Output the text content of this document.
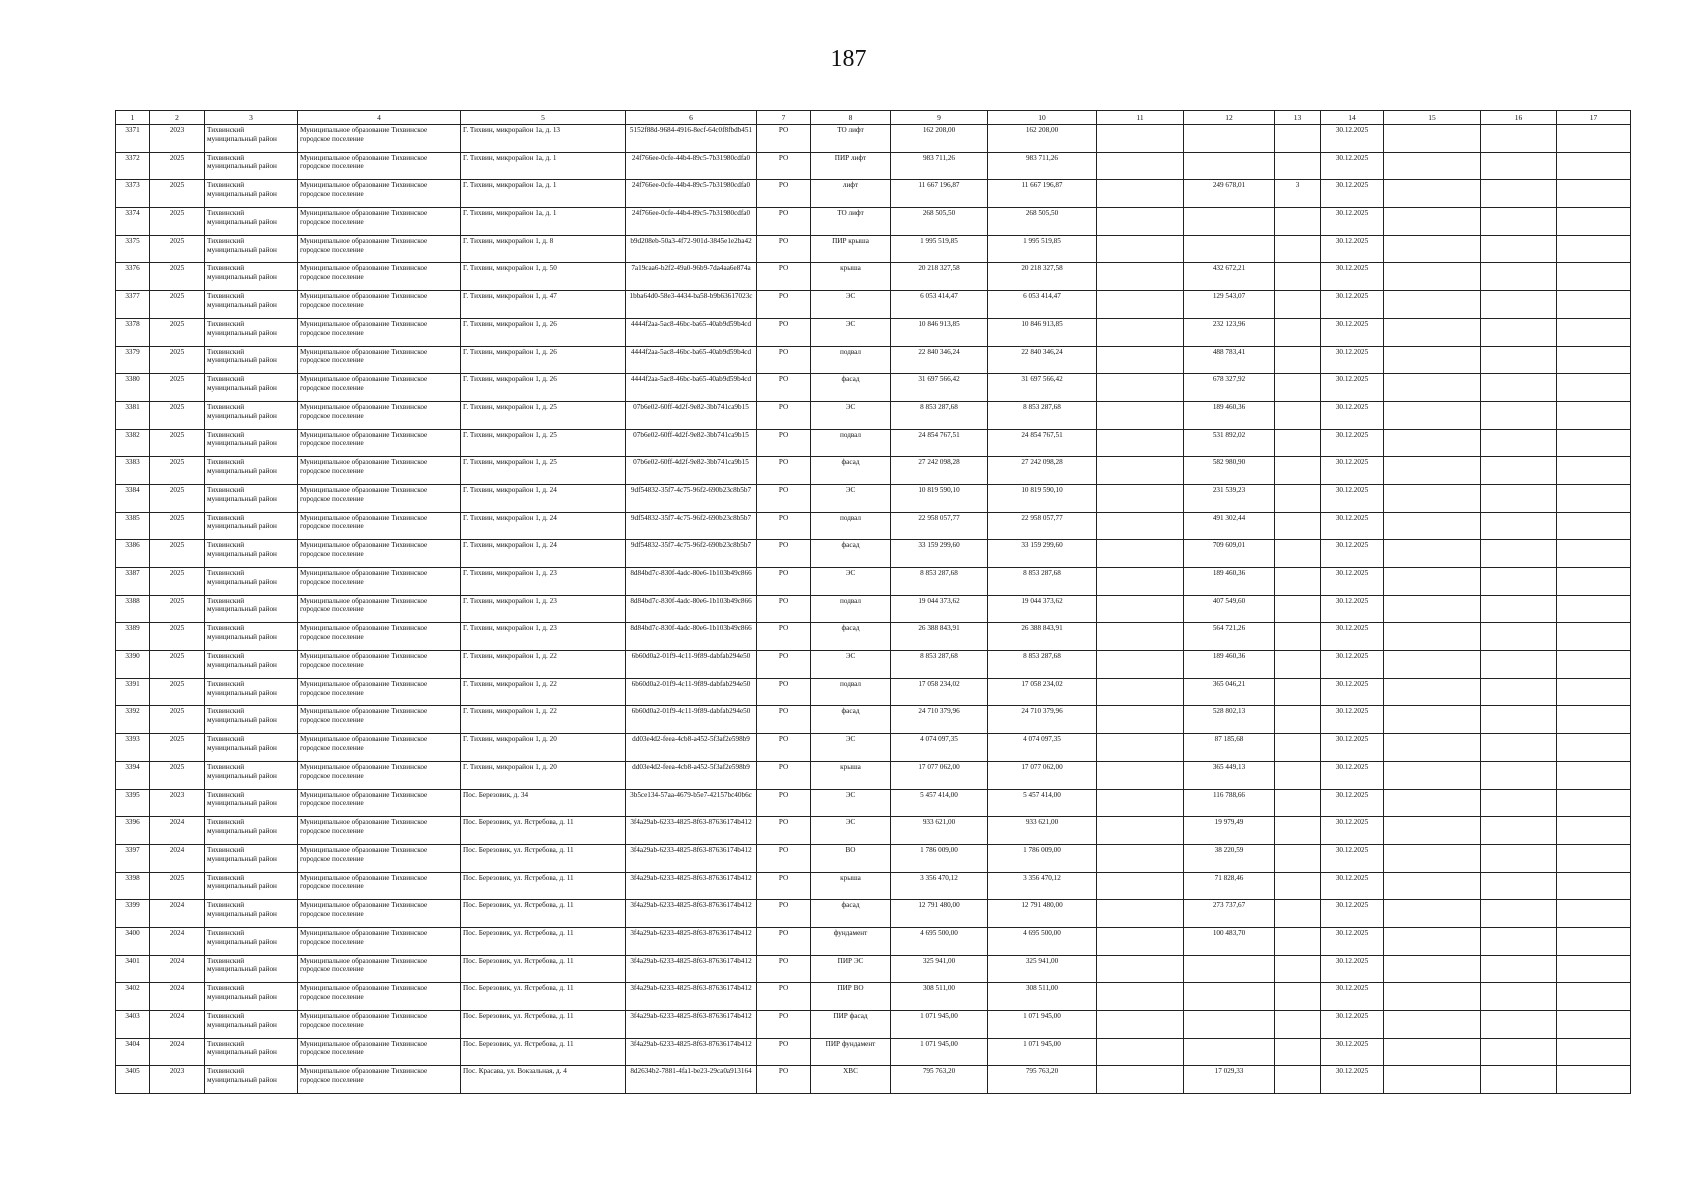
187
1	2	3	4	5	6	7	8	9	10	11	12	13	14	15	16	17
3371	2023	Тихвинский муниципальный район	Муниципальное образование Тихвинское городское поселение	Г. Тихвин, микрорайон 1а, д. 13	5152f88d-9684-4916-8ecf-64c0f8fbdb451	РО	ТО лифт	162 208,00	162 208,00				30.12.2025			
3372	2025	Тихвинский муниципальный район	Муниципальное образование Тихвинское городское поселение	Г. Тихвин, микрорайон 1а, д. 1	24f766ee-0cfe-44b4-89c5-7b31980cdfa0	РО	ПИР лифт	983 711,26	983 711,26				30.12.2025			
3373	2025	Тихвинский муниципальный район	Муниципальное образование Тихвинское городское поселение	Г. Тихвин, микрорайон 1а, д. 1	24f766ee-0cfe-44b4-89c5-7b31980cdfa0	РО	лифт	11 667 196,87	11 667 196,87		249 678,01	3	30.12.2025			
3374	2025	Тихвинский муниципальный район	Муниципальное образование Тихвинское городское поселение	Г. Тихвин, микрорайон 1а, д. 1	24f766ee-0cfe-44b4-89c5-7b31980cdfa0	РО	ТО лифт	268 505,50	268 505,50				30.12.2025			
3375	2025	Тихвинский муниципальный район	Муниципальное образование Тихвинское городское поселение	Г. Тихвин, микрорайон 1, д. 8	b9d208eb-50a3-4f72-901d-3845e1e2ba42	РО	ПИР крыша	1 995 519,85	1 995 519,85				30.12.2025			
3376	2025	Тихвинский муниципальный район	Муниципальное образование Тихвинское городское поселение	Г. Тихвин, микрорайон 1, д. 50	7a19caa6-b2f2-49a0-96b9-7da4aa6e874a	РО	крыша	20 218 327,58	20 218 327,58		432 672,21		30.12.2025			
3377	2025	Тихвинский муниципальный район	Муниципальное образование Тихвинское городское поселение	Г. Тихвин, микрорайон 1, д. 47	1bba64d0-58e3-4434-ba58-b9b63617023c	РО	ЭС	6 053 414,47	6 053 414,47		129 543,07		30.12.2025			
3378	2025	Тихвинский муниципальный район	Муниципальное образование Тихвинское городское поселение	Г. Тихвин, микрорайон 1, д. 26	4444f2aa-5ac8-46bc-ba65-40ab9d59b4cd	РО	ЭС	10 846 913,85	10 846 913,85		232 123,96		30.12.2025			
3379	2025	Тихвинский муниципальный район	Муниципальное образование Тихвинское городское поселение	Г. Тихвин, микрорайон 1, д. 26	4444f2aa-5ac8-46bc-ba65-40ab9d59b4cd	РО	подвал	22 840 346,24	22 840 346,24		488 783,41		30.12.2025			
3380	2025	Тихвинский муниципальный район	Муниципальное образование Тихвинское городское поселение	Г. Тихвин, микрорайон 1, д. 26	4444f2aa-5ac8-46bc-ba65-40ab9d59b4cd	РО	фасад	31 697 566,42	31 697 566,42		678 327,92		30.12.2025			
3381	2025	Тихвинский муниципальный район	Муниципальное образование Тихвинское городское поселение	Г. Тихвин, микрорайон 1, д. 25	07b6e02-60ff-4d2f-9e82-3bb741ca9b15	РО	ЭС	8 853 287,68	8 853 287,68		189 460,36		30.12.2025			
3382	2025	Тихвинский муниципальный район	Муниципальное образование Тихвинское городское поселение	Г. Тихвин, микрорайон 1, д. 25	07b6e02-60ff-4d2f-9e82-3bb741ca9b15	РО	подвал	24 854 767,51	24 854 767,51		531 892,02		30.12.2025			
3383	2025	Тихвинский муниципальный район	Муниципальное образование Тихвинское городское поселение	Г. Тихвин, микрорайон 1, д. 25	07b6e02-60ff-4d2f-9e82-3bb741ca9b15	РО	фасад	27 242 098,28	27 242 098,28		582 980,90		30.12.2025			
3384	2025	Тихвинский муниципальный район	Муниципальное образование Тихвинское городское поселение	Г. Тихвин, микрорайон 1, д. 24	9df54832-35f7-4c75-96f2-690b23c8b5b7	РО	ЭС	10 819 590,10	10 819 590,10		231 539,23		30.12.2025			
3385	2025	Тихвинский муниципальный район	Муниципальное образование Тихвинское городское поселение	Г. Тихвин, микрорайон 1, д. 24	9df54832-35f7-4c75-96f2-690b23c8b5b7	РО	подвал	22 958 057,77	22 958 057,77		491 302,44		30.12.2025			
3386	2025	Тихвинский муниципальный район	Муниципальное образование Тихвинское городское поселение	Г. Тихвин, микрорайон 1, д. 24	9df54832-35f7-4c75-96f2-690b23c8b5b7	РО	фасад	33 159 299,60	33 159 299,60		709 609,01		30.12.2025			
3387	2025	Тихвинский муниципальный район	Муниципальное образование Тихвинское городское поселение	Г. Тихвин, микрорайон 1, д. 23	8d84bd7c-830f-4adc-80e6-1b103b49c866	РО	ЭС	8 853 287,68	8 853 287,68		189 460,36		30.12.2025			
3388	2025	Тихвинский муниципальный район	Муниципальное образование Тихвинское городское поселение	Г. Тихвин, микрорайон 1, д. 23	8d84bd7c-830f-4adc-80e6-1b103b49c866	РО	подвал	19 044 373,62	19 044 373,62		407 549,60		30.12.2025			
3389	2025	Тихвинский муниципальный район	Муниципальное образование Тихвинское городское поселение	Г. Тихвин, микрорайон 1, д. 23	8d84bd7c-830f-4adc-80e6-1b103b49c866	РО	фасад	26 388 843,91	26 388 843,91		564 721,26		30.12.2025			
3390	2025	Тихвинский муниципальный район	Муниципальное образование Тихвинское городское поселение	Г. Тихвин, микрорайон 1, д. 22	6b60d0a2-01f9-4c11-9f89-dabfab294e50	РО	ЭС	8 853 287,68	8 853 287,68		189 460,36		30.12.2025			
3391	2025	Тихвинский муниципальный район	Муниципальное образование Тихвинское городское поселение	Г. Тихвин, микрорайон 1, д. 22	6b60d0a2-01f9-4c11-9f89-dabfab294e50	РО	подвал	17 058 234,02	17 058 234,02		365 046,21		30.12.2025			
3392	2025	Тихвинский муниципальный район	Муниципальное образование Тихвинское городское поселение	Г. Тихвин, микрорайон 1, д. 22	6b60d0a2-01f9-4c11-9f89-dabfab294e50	РО	фасад	24 710 379,96	24 710 379,96		528 802,13		30.12.2025			
3393	2025	Тихвинский муниципальный район	Муниципальное образование Тихвинское городское поселение	Г. Тихвин, микрорайон 1, д. 20	dd03e4d2-feea-4cb8-a452-5f3af2e598b9	РО	ЭС	4 074 097,35	4 074 097,35		87 185,68		30.12.2025			
3394	2025	Тихвинский муниципальный район	Муниципальное образование Тихвинское городское поселение	Г. Тихвин, микрорайон 1, д. 20	dd03e4d2-feea-4cb8-a452-5f3af2e598b9	РО	крыша	17 077 062,00	17 077 062,00		365 449,13		30.12.2025			
3395	2023	Тихвинский муниципальный район	Муниципальное образование Тихвинское городское поселение	Пос. Березовик, д. 34	3b5ce134-57aa-4679-b5e7-42157bc40b6c	РО	ЭС	5 457 414,00	5 457 414,00		116 788,66		30.12.2025			
3396	2024	Тихвинский муниципальный район	Муниципальное образование Тихвинское городское поселение	Пос. Березовик, ул. Ястребова, д. 11	3f4a29ab-6233-4825-8f63-87636174b412	РО	ЭС	933 621,00	933 621,00		19 979,49		30.12.2025			
3397	2024	Тихвинский муниципальный район	Муниципальное образование Тихвинское городское поселение	Пос. Березовик, ул. Ястребова, д. 11	3f4a29ab-6233-4825-8f63-87636174b412	РО	ВО	1 786 009,00	1 786 009,00		38 220,59		30.12.2025			
3398	2025	Тихвинский муниципальный район	Муниципальное образование Тихвинское городское поселение	Пос. Березовик, ул. Ястребова, д. 11	3f4a29ab-6233-4825-8f63-87636174b412	РО	крыша	3 356 470,12	3 356 470,12		71 828,46		30.12.2025			
3399	2024	Тихвинский муниципальный район	Муниципальное образование Тихвинское городское поселение	Пос. Березовик, ул. Ястребова, д. 11	3f4a29ab-6233-4825-8f63-87636174b412	РО	фасад	12 791 480,00	12 791 480,00		273 737,67		30.12.2025			
3400	2024	Тихвинский муниципальный район	Муниципальное образование Тихвинское городское поселение	Пос. Березовик, ул. Ястребова, д. 11	3f4a29ab-6233-4825-8f63-87636174b412	РО	фундамент	4 695 500,00	4 695 500,00		100 483,70		30.12.2025			
3401	2024	Тихвинский муниципальный район	Муниципальное образование Тихвинское городское поселение	Пос. Березовик, ул. Ястребова, д. 11	3f4a29ab-6233-4825-8f63-87636174b412	РО	ПИР ЭС	325 941,00	325 941,00				30.12.2025			
3402	2024	Тихвинский муниципальный район	Муниципальное образование Тихвинское городское поселение	Пос. Березовик, ул. Ястребова, д. 11	3f4a29ab-6233-4825-8f63-87636174b412	РО	ПИР ВО	308 511,00	308 511,00				30.12.2025			
3403	2024	Тихвинский муниципальный район	Муниципальное образование Тихвинское городское поселение	Пос. Березовик, ул. Ястребова, д. 11	3f4a29ab-6233-4825-8f63-87636174b412	РО	ПИР фасад	1 071 945,00	1 071 945,00				30.12.2025			
3404	2024	Тихвинский муниципальный район	Муниципальное образование Тихвинское городское поселение	Пос. Березовик, ул. Ястребова, д. 11	3f4a29ab-6233-4825-8f63-87636174b412	РО	ПИР фундамент	1 071 945,00	1 071 945,00				30.12.2025			
3405	2023	Тихвинский муниципальный район	Муниципальное образование Тихвинское городское поселение	Пос. Красава, ул. Вокзальная, д. 4	8d2634b2-7881-4fa1-be23-29ca0a913164	РО	ХВС	795 763,20	795 763,20		17 029,33		30.12.2025			
